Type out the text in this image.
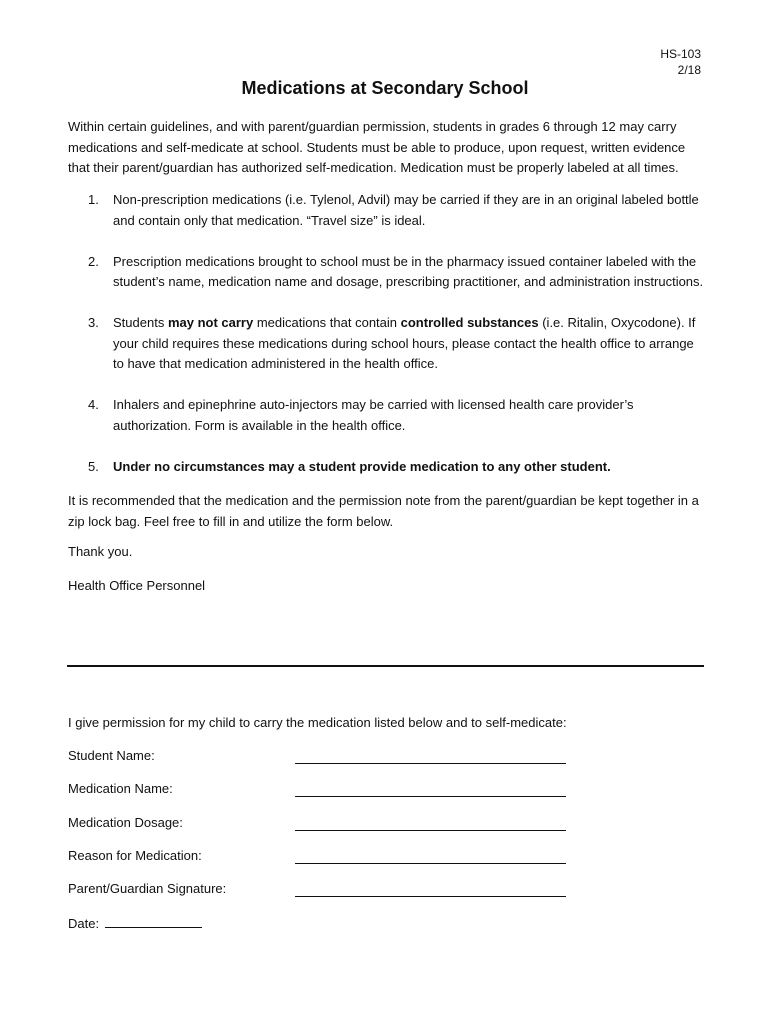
HS-103
2/18
Medications at Secondary School

Within certain guidelines, and with parent/guardian permission, students in grades 6 through 12 may carry medications and self-medicate at school. Students must be able to produce, upon request, written evidence that their parent/guardian has authorized self-medication. Medication must be properly labeled at all times.

1. Non-prescription medications (i.e. Tylenol, Advil) may be carried if they are in an original labeled bottle and contain only that medication. “Travel size” is ideal.
2. Prescription medications brought to school must be in the pharmacy issued container labeled with the student’s name, medication name and dosage, prescribing practitioner, and administration instructions.
3. Students may not carry medications that contain controlled substances (i.e. Ritalin, Oxycodone). If your child requires these medications during school hours, please contact the health office to arrange to have that medication administered in the health office.
4. Inhalers and epinephrine auto-injectors may be carried with licensed health care provider’s authorization. Form is available in the health office.
5. Under no circumstances may a student provide medication to any other student.

It is recommended that the medication and the permission note from the parent/guardian be kept together in a zip lock bag. Feel free to fill in and utilize the form below.

Thank you.

Health Office Personnel

I give permission for my child to carry the medication listed below and to self-medicate:

Student Name:
Medication Name:
Medication Dosage:
Reason for Medication:
Parent/Guardian Signature:
Date:
